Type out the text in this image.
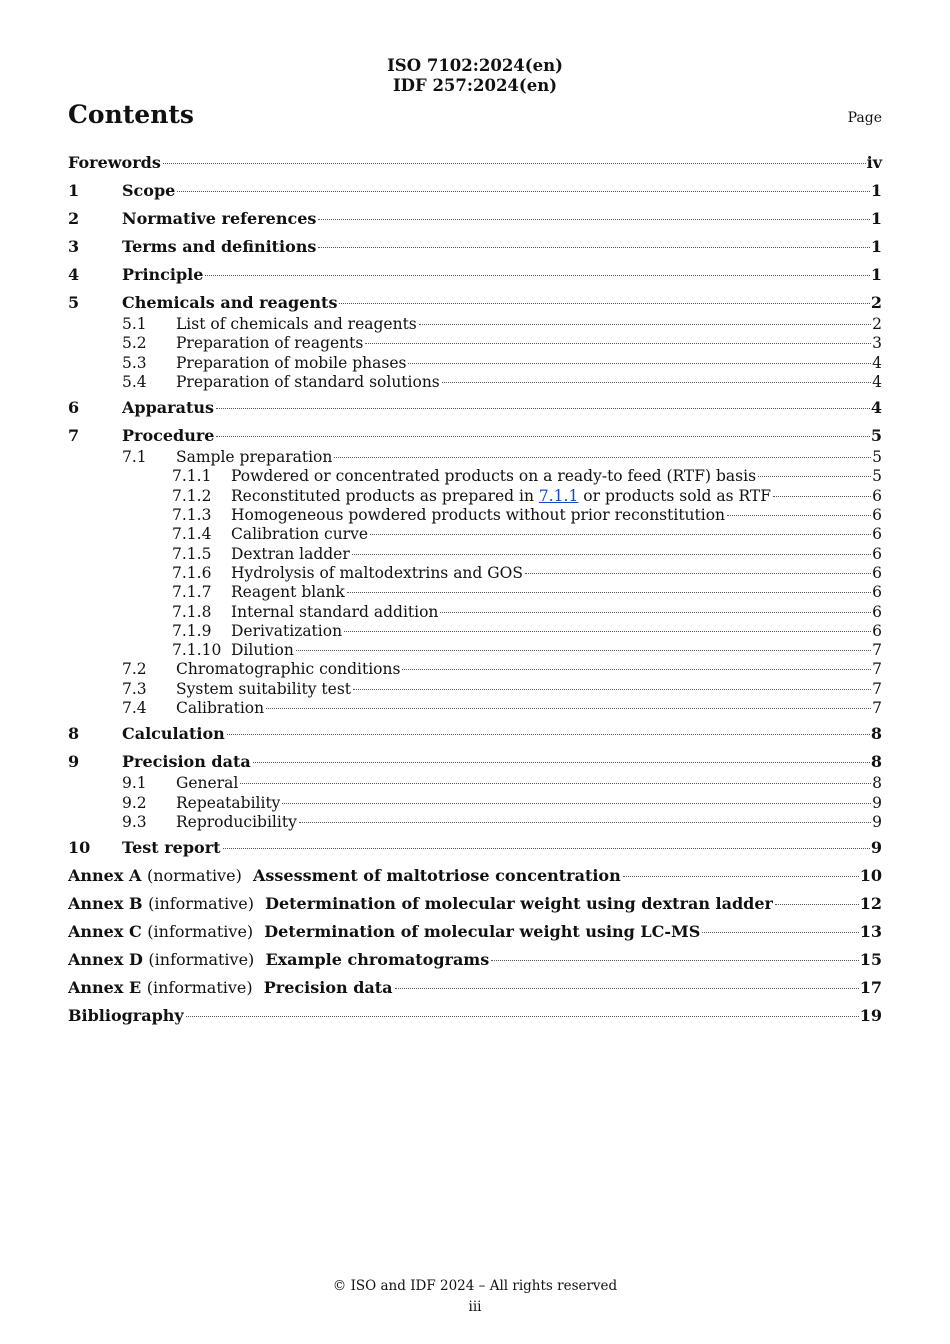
ISO 7102:2024(en)
IDF 257:2024(en)
Contents	Page
Forewords	iv
1	Scope	1
2	Normative references	1
3	Terms and definitions	1
4	Principle	1
5	Chemicals and reagents	2
5.1	List of chemicals and reagents	2
5.2	Preparation of reagents	3
5.3	Preparation of mobile phases	4
5.4	Preparation of standard solutions	4
6	Apparatus	4
7	Procedure	5
7.1	Sample preparation	5
7.1.1	Powdered or concentrated products on a ready-to feed (RTF) basis	5
7.1.2	Reconstituted products as prepared in 7.1.1 or products sold as RTF	6
7.1.3	Homogeneous powdered products without prior reconstitution	6
7.1.4	Calibration curve	6
7.1.5	Dextran ladder	6
7.1.6	Hydrolysis of maltodextrins and GOS	6
7.1.7	Reagent blank	6
7.1.8	Internal standard addition	6
7.1.9	Derivatization	6
7.1.10 Dilution	7
7.2	Chromatographic conditions	7
7.3	System suitability test	7
7.4	Calibration	7
8	Calculation	8
9	Precision data	8
9.1	General	8
9.2	Repeatability	9
9.3	Reproducibility	9
10	Test report	9
Annex A (normative) Assessment of maltotriose concentration	10
Annex B (informative) Determination of molecular weight using dextran ladder	12
Annex C (informative) Determination of molecular weight using LC-MS	13
Annex D (informative) Example chromatograms	15
Annex E (informative) Precision data	17
Bibliography	19
© ISO and IDF 2024 – All rights reserved
iii
